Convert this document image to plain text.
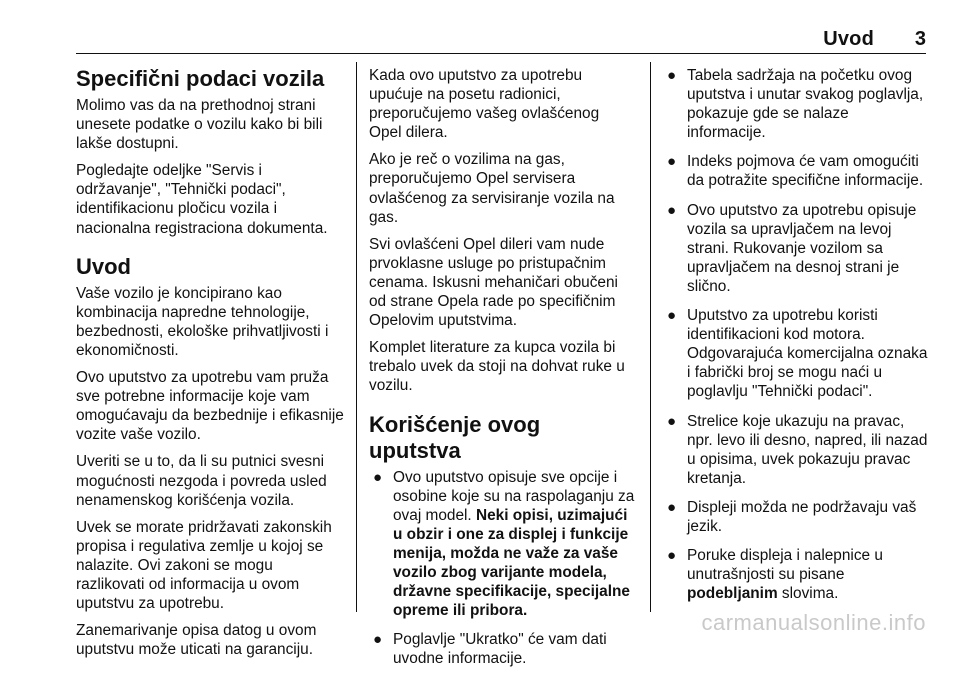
Uvod 3
Specifični podaci vozila

Molimo vas da na prethodnoj strani unesete podatke o vozilu kako bi bili lakše dostupni.

Pogledajte odeljke "Servis i održavanje", "Tehnički podaci", identifikacionu pločicu vozila i nacionalna registraciona dokumenta.

Uvod

Vaše vozilo je koncipirano kao kombinacija napredne tehnologije, bezbednosti, ekološke prihvatljivosti i ekonomičnosti.

Ovo uputstvo za upotrebu vam pruža sve potrebne informacije koje vam omogućavaju da bezbednije i efikasnije vozite vaše vozilo.

Uveriti se u to, da li su putnici svesni mogućnosti nezgoda i povreda usled nenamenskog korišćenja vozila.

Uvek se morate pridržavati zakonskih propisa i regulativa zemlje u kojoj se nalazite. Ovi zakoni se mogu razlikovati od informacija u ovom uputstvu za upotrebu.

Zanemarivanje opisa datog u ovom uputstvu može uticati na garanciju.

Kada ovo uputstvo za upotrebu upućuje na posetu radionici, preporučujemo vašeg ovlašćenog Opel dilera.

Ako je reč o vozilima na gas, preporučujemo Opel servisera ovlašćenog za servisiranje vozila na gas.

Svi ovlašćeni Opel dileri vam nude prvoklasne usluge po pristupačnim cenama. Iskusni mehaničari obučeni od strane Opela rade po specifičnim Opelovim uputstvima.

Komplet literature za kupca vozila bi trebalo uvek da stoji na dohvat ruke u vozilu.

Korišćenje ovog uputstva
● Ovo uputstvo opisuje sve opcije i osobine koje su na raspolaganju za ovaj model. Neki opisi, uzimajući u obzir i one za displej i funkcije menija, možda ne važe za vaše vozilo zbog varijante modela, državne specifikacije, specijalne opreme ili pribora.
● Poglavlje "Ukratko" će vam dati uvodne informacije.
● Tabela sadržaja na početku ovog uputstva i unutar svakog poglavlja, pokazuje gde se nalaze informacije.
● Indeks pojmova će vam omogućiti da potražite specifične informacije.
● Ovo uputstvo za upotrebu opisuje vozila sa upravljačem na levoj strani. Rukovanje vozilom sa upravljačem na desnoj strani je slično.
● Uputstvo za upotrebu koristi identifikacioni kod motora. Odgovarajuća komercijalna oznaka i fabrički broj se mogu naći u poglavlju "Tehnički podaci".
● Strelice koje ukazuju na pravac, npr. levo ili desno, napred, ili nazad u opisima, uvek pokazuju pravac kretanja.
● Displeji možda ne podržavaju vaš jezik.
● Poruke displeja i nalepnice u unutrašnjosti su pisane podebljanim slovima.
carmanualsonline.info
